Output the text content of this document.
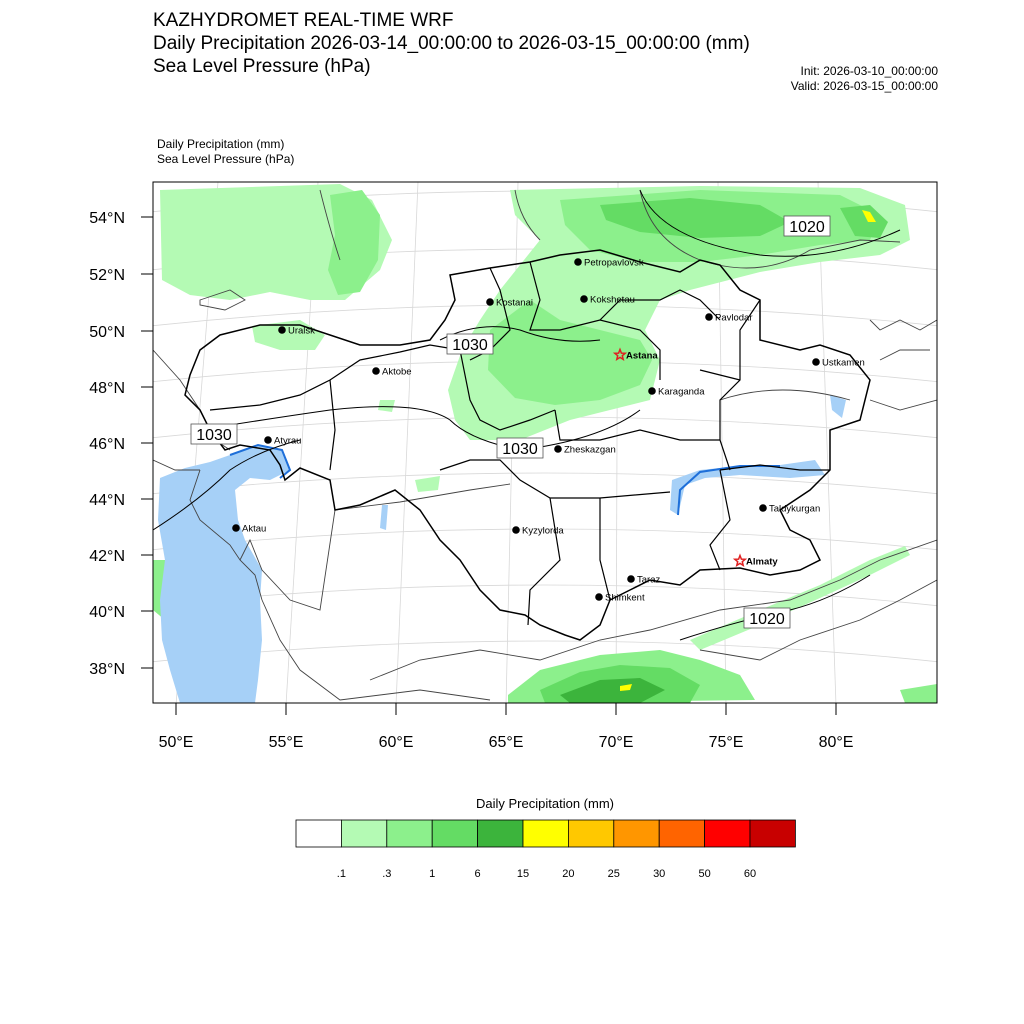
KAZHYDROMET REAL-TIME WRF
Daily Precipitation 2026-03-14_00:00:00 to 2026-03-15_00:00:00 (mm)
Sea Level Pressure (hPa)	Init: 2026-03-10_00:00:00
Valid: 2026-03-15_00:00:00
Daily Precipitation (mm)
Sea Level Pressure (hPa)
1020
1030
1030
1030
1020
Petropavlovsk
Kostanai	Kokshetau
Uralsk
Pavlodar
Astana
Aktobe
Ustkamen
Karaganda
Atyrau
Zheskazgan
Taldykurgan
Aktau	Kyzylorda
Almaty
Taraz
Shimkent
54°N
52°N
50°N
48°N
46°N
44°N
42°N
40°N
38°N
50°E	55°E	60°E	65°E	70°E	75°E	80°E
Daily Precipitation (mm)
.1	.3	1	6	15	20	25	30	50	60
